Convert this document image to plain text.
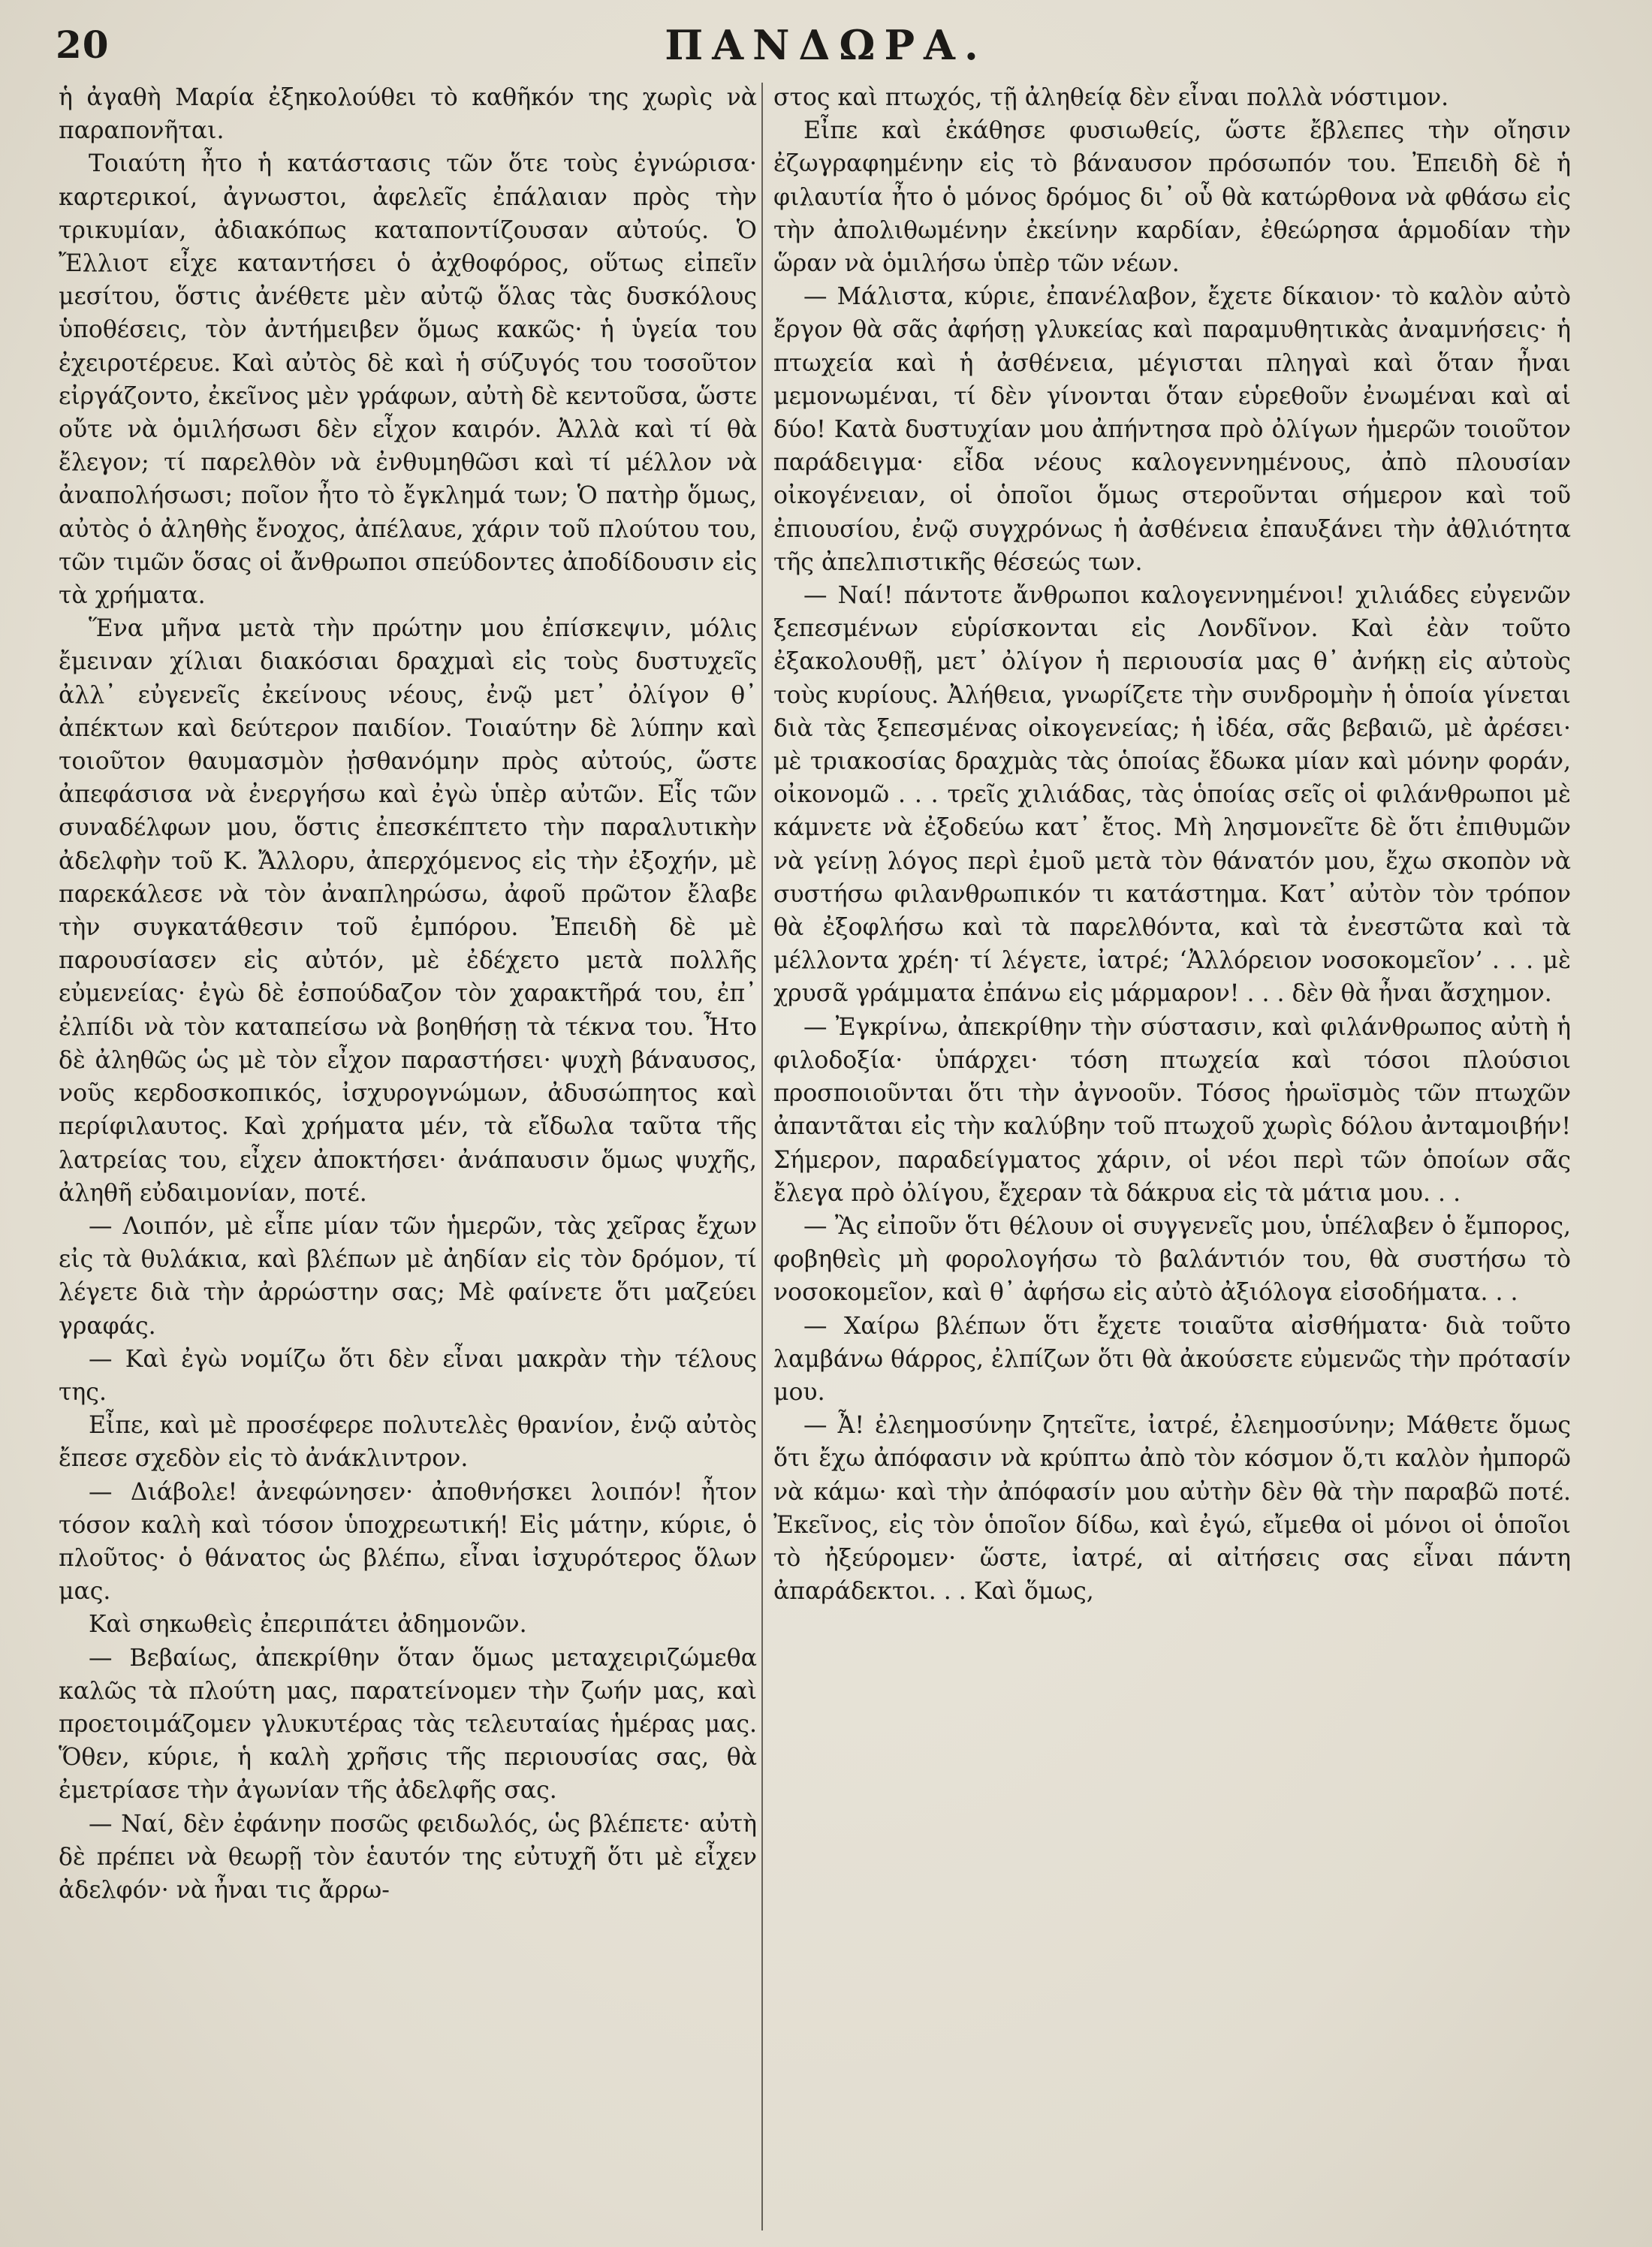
20	ΠΑΝΔΩΡΑ.

ἡ ἀγαθὴ Μαρία ἐξηκολούθει τὸ καθῆκόν της χωρὶς νὰ παραπονῆται.

Τοιαύτη ἦτο ἡ κατάστασις τῶν ὅτε τοὺς ἐγνώρισα· καρτερικοί, ἀγνωστοι, ἀφελεῖς ἐπάλαιαν πρὸς τὴν τρικυμίαν, ἀδιακόπως καταποντίζουσαν αὐτούς. Ὁ Ἔλλιοτ εἶχε καταντήσει ὁ ἀχθοφόρος, οὕτως εἰπεῖν μεσίτου, ὅστις ἀνέθετε μὲν αὐτῷ ὅλας τὰς δυσκόλους ὑποθέσεις, τὸν ἀντήμειβεν ὅμως κακῶς· ἡ ὑγεία του ἐχειροτέρευε. Καὶ αὐτὸς δὲ καὶ ἡ σύζυγός του τοσοῦτον εἰργάζοντο, ἐκεῖνος μὲν γράφων, αὐτὴ δὲ κεντοῦσα, ὥστε οὔτε νὰ ὁμιλήσωσι δὲν εἶχον καιρόν. Ἀλλὰ καὶ τί θὰ ἔλεγον; τί παρελθὸν νὰ ἐνθυμηθῶσι καὶ τί μέλλον νὰ ἀναπολήσωσι; ποῖον ἦτο τὸ ἔγκλημά των; Ὁ πατὴρ ὅμως, αὐτὸς ὁ ἀληθὴς ἔνοχος, ἀπέλαυε, χάριν τοῦ πλούτου του, τῶν τιμῶν ὅσας οἱ ἄνθρωποι σπεύδοντες ἀποδίδουσιν εἰς τὰ χρήματα.

Ἕνα μῆνα μετὰ τὴν πρώτην μου ἐπίσκεψιν, μόλις ἔμειναν χίλιαι διακόσιαι δραχμαὶ εἰς τοὺς δυστυχεῖς ἀλλ᾿ εὐγενεῖς ἐκείνους νέους, ἐνῷ μετ᾿ ὀλίγον θ᾿ ἀπέκτων καὶ δεύτερον παιδίον. Τοιαύτην δὲ λύπην καὶ τοιοῦτον θαυμασμὸν ᾐσθανόμην πρὸς αὐτούς, ὥστε ἀπεφάσισα νὰ ἐνεργήσω καὶ ἐγὼ ὑπὲρ αὐτῶν. Εἷς τῶν συναδέλφων μου, ὅστις ἐπεσκέπτετο τὴν παραλυτικὴν ἀδελφὴν τοῦ Κ. Ἄλλορυ, ἀπερχόμενος εἰς τὴν ἐξοχήν, μὲ παρεκάλεσε νὰ τὸν ἀναπληρώσω, ἀφοῦ πρῶτον ἔλαβε τὴν συγκατάθεσιν τοῦ ἐμπόρου. Ἐπειδὴ δὲ μὲ παρουσίασεν εἰς αὐτόν, μὲ ἐδέχετο μετὰ πολλῆς εὐμενείας· ἐγὼ δὲ ἐσπούδαζον τὸν χαρακτῆρά του, ἐπ᾿ ἐλπίδι νὰ τὸν καταπείσω νὰ βοηθήσῃ τὰ τέκνα του. Ἦτο δὲ ἀληθῶς ὡς μὲ τὸν εἶχον παραστήσει· ψυχὴ βάναυσος, νοῦς κερδοσκοπικός, ἰσχυρογνώμων, ἀδυσώπητος καὶ περίφιλαυτος. Καὶ χρήματα μέν, τὰ εἴδωλα ταῦτα τῆς λατρείας του, εἶχεν ἀποκτήσει· ἀνάπαυσιν ὅμως ψυχῆς, ἀληθῆ εὐδαιμονίαν, ποτέ.

— Λοιπόν, μὲ εἶπε μίαν τῶν ἡμερῶν, τὰς χεῖρας ἔχων εἰς τὰ θυλάκια, καὶ βλέπων μὲ ἀηδίαν εἰς τὸν δρόμον, τί λέγετε διὰ τὴν ἀρρώστην σας; Μὲ φαίνετε ὅτι μαζεύει γραφάς.

— Καὶ ἐγὼ νομίζω ὅτι δὲν εἶναι μακρὰν τὴν τέλους της.

Εἶπε, καὶ μὲ προσέφερε πολυτελὲς θρανίον, ἐνῷ αὐτὸς ἔπεσε σχεδὸν εἰς τὸ ἀνάκλιντρον.

— Διάβολε! ἀνεφώνησεν· ἀποθνήσκει λοιπόν! ἦτον τόσον καλὴ καὶ τόσον ὑποχρεωτική! Εἰς μάτην, κύριε, ὁ πλοῦτος· ὁ θάνατος ὡς βλέπω, εἶναι ἰσχυρότερος ὅλων μας.

Καὶ σηκωθεὶς ἐπεριπάτει ἀδημονῶν.

— Βεβαίως, ἀπεκρίθην ὅταν ὅμως μεταχειριζώμεθα καλῶς τὰ πλούτη μας, παρατείνομεν τὴν ζωήν μας, καὶ προετοιμάζομεν γλυκυτέρας τὰς τελευταίας ἡμέρας μας. Ὅθεν, κύριε, ἡ καλὴ χρῆσις τῆς περιουσίας σας, θὰ ἐμετρίασε τὴν ἀγωνίαν τῆς ἀδελφῆς σας.

— Ναί, δὲν ἐφάνην ποσῶς φειδωλός, ὡς βλέπετε· αὐτὴ δὲ πρέπει νὰ θεωρῇ τὸν ἑαυτόν της εὐτυχῆ ὅτι μὲ εἶχεν ἀδελφόν· νὰ ἦναι τις ἄρρω-

στος καὶ πτωχός, τῇ ἀληθείᾳ δὲν εἶναι πολλὰ νόστιμον.

Εἶπε καὶ ἐκάθησε φυσιωθείς, ὥστε ἔβλεπες τὴν οἴησιν ἐζωγραφημένην εἰς τὸ βάναυσον πρόσωπόν του. Ἐπειδὴ δὲ ἡ φιλαυτία ἦτο ὁ μόνος δρόμος δι᾿ οὗ θὰ κατώρθονα νὰ φθάσω εἰς τὴν ἀπολιθωμένην ἐκείνην καρδίαν, ἐθεώρησα ἁρμοδίαν τὴν ὥραν νὰ ὁμιλήσω ὑπὲρ τῶν νέων.

— Μάλιστα, κύριε, ἐπανέλαβον, ἔχετε δίκαιον· τὸ καλὸν αὐτὸ ἔργον θὰ σᾶς ἀφήσῃ γλυκείας καὶ παραμυθητικὰς ἀναμνήσεις· ἡ πτωχεία καὶ ἡ ἀσθένεια, μέγισται πληγαὶ καὶ ὅταν ἦναι μεμονωμέναι, τί δὲν γίνονται ὅταν εὑρεθοῦν ἐνωμέναι καὶ αἱ δύο! Κατὰ δυστυχίαν μου ἀπήντησα πρὸ ὀλίγων ἡμερῶν τοιοῦτον παράδειγμα· εἶδα νέους καλογεννημένους, ἀπὸ πλουσίαν οἰκογένειαν, οἱ ὁποῖοι ὅμως στεροῦνται σήμερον καὶ τοῦ ἐπιουσίου, ἐνῷ συγχρόνως ἡ ἀσθένεια ἐπαυξάνει τὴν ἀθλιότητα τῆς ἀπελπιστικῆς θέσεώς των.

— Ναί! πάντοτε ἄνθρωποι καλογεννημένοι! χιλιάδες εὐγενῶν ξεπεσμένων εὑρίσκονται εἰς Λονδῖνον. Καὶ ἐὰν τοῦτο ἐξακολουθῇ, μετ᾿ ὀλίγον ἡ περιουσία μας θ᾿ ἀνήκῃ εἰς αὐτοὺς τοὺς κυρίους. Ἀλήθεια, γνωρίζετε τὴν συνδρομὴν ἡ ὁποία γίνεται διὰ τὰς ξεπεσμένας οἰκογενείας; ἡ ἰδέα, σᾶς βεβαιῶ, μὲ ἀρέσει· μὲ τριακοσίας δραχμὰς τὰς ὁποίας ἔδωκα μίαν καὶ μόνην φοράν, οἰκονομῶ . . . τρεῖς χιλιάδας, τὰς ὁποίας σεῖς οἱ φιλάνθρωποι μὲ κάμνετε νὰ ἐξοδεύω κατ᾿ ἔτος. Μὴ λησμονεῖτε δὲ ὅτι ἐπιθυμῶν νὰ γείνῃ λόγος περὶ ἐμοῦ μετὰ τὸν θάνατόν μου, ἔχω σκοπὸν νὰ συστήσω φιλανθρωπικόν τι κατάστημα. Κατ᾿ αὐτὸν τὸν τρόπον θὰ ἐξοφλήσω καὶ τὰ παρελθόντα, καὶ τὰ ἐνεστῶτα καὶ τὰ μέλλοντα χρέη· τί λέγετε, ἰατρέ; ‘Ἀλλόρειον νοσοκομεῖον’ . . . μὲ χρυσᾶ γράμματα ἐπάνω εἰς μάρμαρον! . . . δὲν θὰ ἦναι ἄσχημον.

— Ἐγκρίνω, ἀπεκρίθην τὴν σύστασιν, καὶ φιλάνθρωπος αὐτὴ ἡ φιλοδοξία· ὑπάρχει· τόση πτωχεία καὶ τόσοι πλούσιοι προσποιοῦνται ὅτι τὴν ἀγνοοῦν. Τόσος ἡρωϊσμὸς τῶν πτωχῶν ἀπαντᾶται εἰς τὴν καλύβην τοῦ πτωχοῦ χωρὶς δόλου ἀνταμοιβήν! Σήμερον, παραδείγματος χάριν, οἱ νέοι περὶ τῶν ὁποίων σᾶς ἔλεγα πρὸ ὀλίγου, ἔχεραν τὰ δάκρυα εἰς τὰ μάτια μου. . .

— Ἂς εἰποῦν ὅτι θέλουν οἱ συγγενεῖς μου, ὑπέλαβεν ὁ ἔμπορος, φοβηθεὶς μὴ φορολογήσω τὸ βαλάντιόν του, θὰ συστήσω τὸ νοσοκομεῖον, καὶ θ᾿ ἀφήσω εἰς αὐτὸ ἀξιόλογα εἰσοδήματα. . .

— Χαίρω βλέπων ὅτι ἔχετε τοιαῦτα αἰσθήματα· διὰ τοῦτο λαμβάνω θάρρος, ἐλπίζων ὅτι θὰ ἀκούσετε εὐμενῶς τὴν πρότασίν μου.

— Ἆ! ἐλεημοσύνην ζητεῖτε, ἰατρέ, ἐλεημοσύνην; Μάθετε ὅμως ὅτι ἔχω ἀπόφασιν νὰ κρύπτω ἀπὸ τὸν κόσμον ὅ,τι καλὸν ἠμπορῶ νὰ κάμω· καὶ τὴν ἀπόφασίν μου αὐτὴν δὲν θὰ τὴν παραβῶ ποτέ. Ἐκεῖνος, εἰς τὸν ὁποῖον δίδω, καὶ ἐγώ, εἴμεθα οἱ μόνοι οἱ ὁποῖοι τὸ ἠξεύρομεν· ὥστε, ἰατρέ, αἱ αἰτήσεις σας εἶναι πάντη ἀπαράδεκτοι. . . Καὶ ὅμως,
